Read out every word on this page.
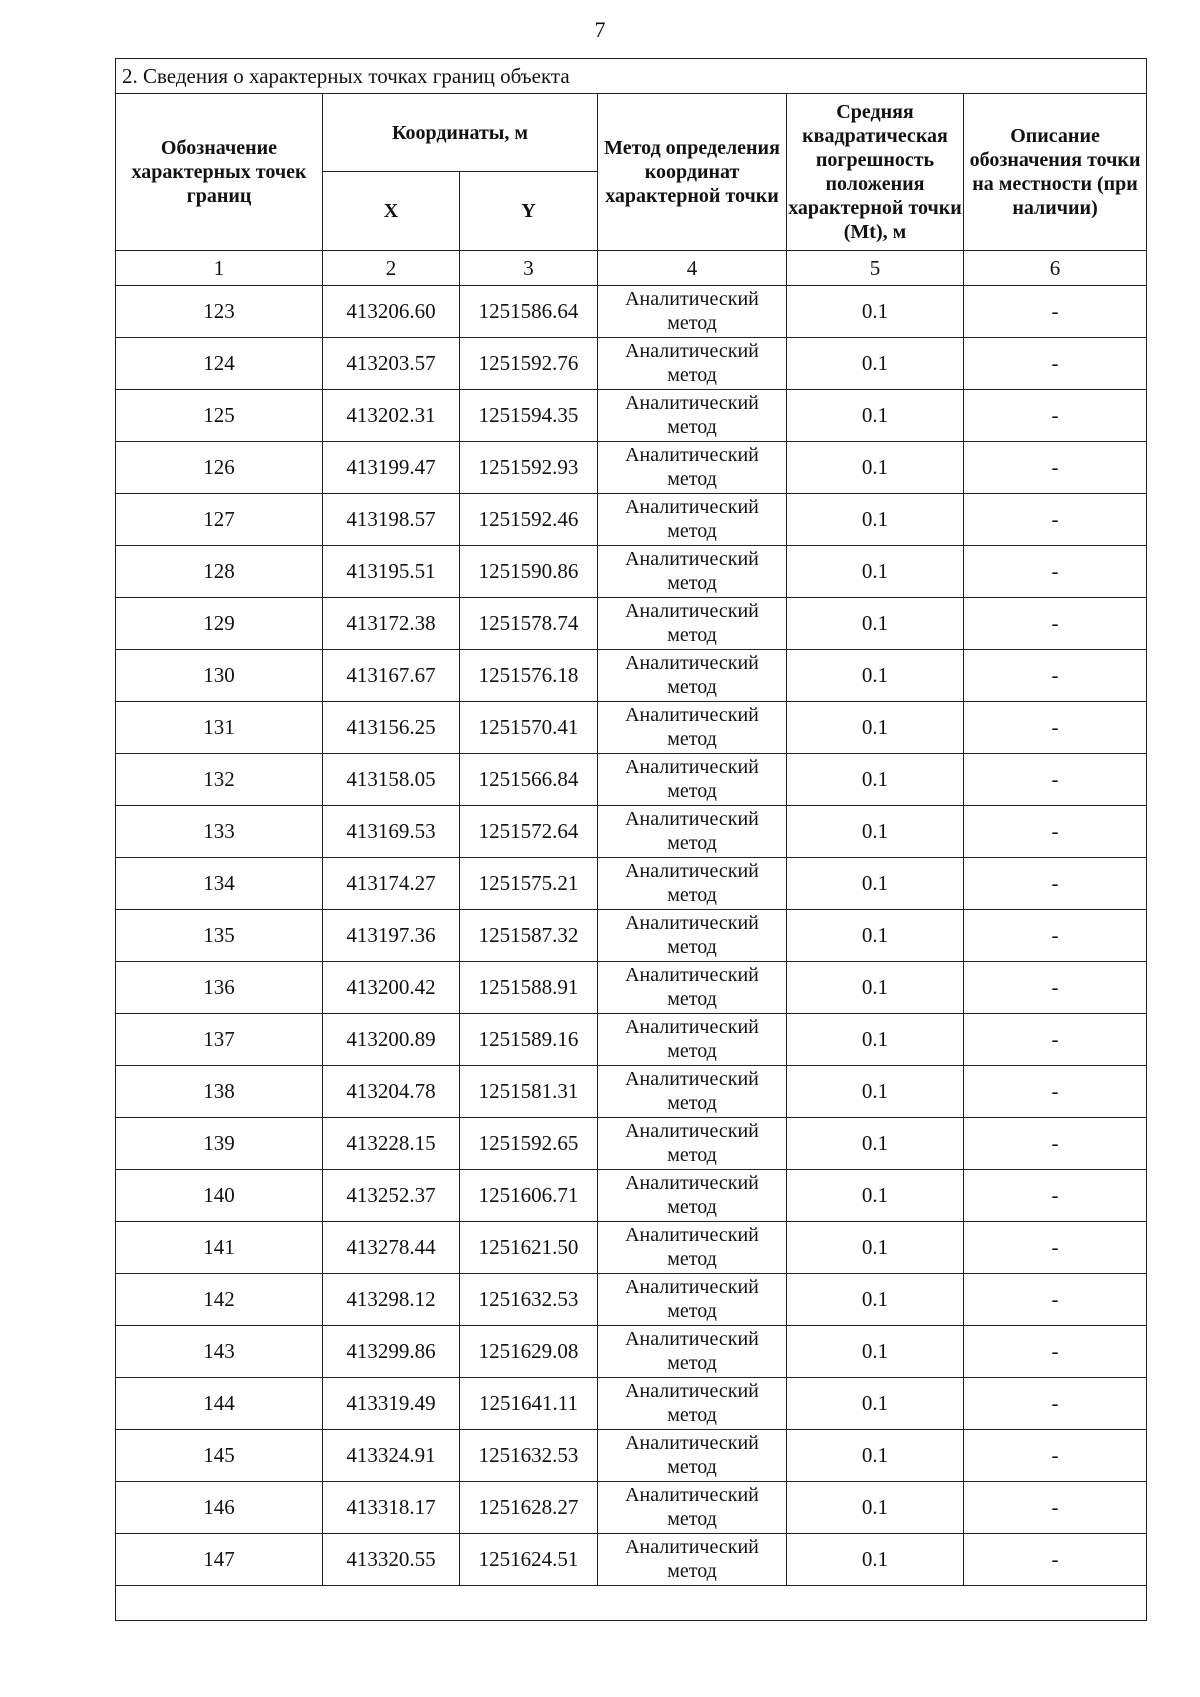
7
2. Сведения о характерных точках границ объекта					
Обозначение характерных точек границ	Координаты, м		Метод определения координат характерной точки	Средняя квадратическая погрешность положения характерной точки (Mt), м	Описание обозначения точки на местности (при наличии)
	X	Y			
1	2	3	4	5	6
123	413206.60	1251586.64	Аналитический метод	0.1	-
124	413203.57	1251592.76	Аналитический метод	0.1	-
125	413202.31	1251594.35	Аналитический метод	0.1	-
126	413199.47	1251592.93	Аналитический метод	0.1	-
127	413198.57	1251592.46	Аналитический метод	0.1	-
128	413195.51	1251590.86	Аналитический метод	0.1	-
129	413172.38	1251578.74	Аналитический метод	0.1	-
130	413167.67	1251576.18	Аналитический метод	0.1	-
131	413156.25	1251570.41	Аналитический метод	0.1	-
132	413158.05	1251566.84	Аналитический метод	0.1	-
133	413169.53	1251572.64	Аналитический метод	0.1	-
134	413174.27	1251575.21	Аналитический метод	0.1	-
135	413197.36	1251587.32	Аналитический метод	0.1	-
136	413200.42	1251588.91	Аналитический метод	0.1	-
137	413200.89	1251589.16	Аналитический метод	0.1	-
138	413204.78	1251581.31	Аналитический метод	0.1	-
139	413228.15	1251592.65	Аналитический метод	0.1	-
140	413252.37	1251606.71	Аналитический метод	0.1	-
141	413278.44	1251621.50	Аналитический метод	0.1	-
142	413298.12	1251632.53	Аналитический метод	0.1	-
143	413299.86	1251629.08	Аналитический метод	0.1	-
144	413319.49	1251641.11	Аналитический метод	0.1	-
145	413324.91	1251632.53	Аналитический метод	0.1	-
146	413318.17	1251628.27	Аналитический метод	0.1	-
147	413320.55	1251624.51	Аналитический метод	0.1	-
